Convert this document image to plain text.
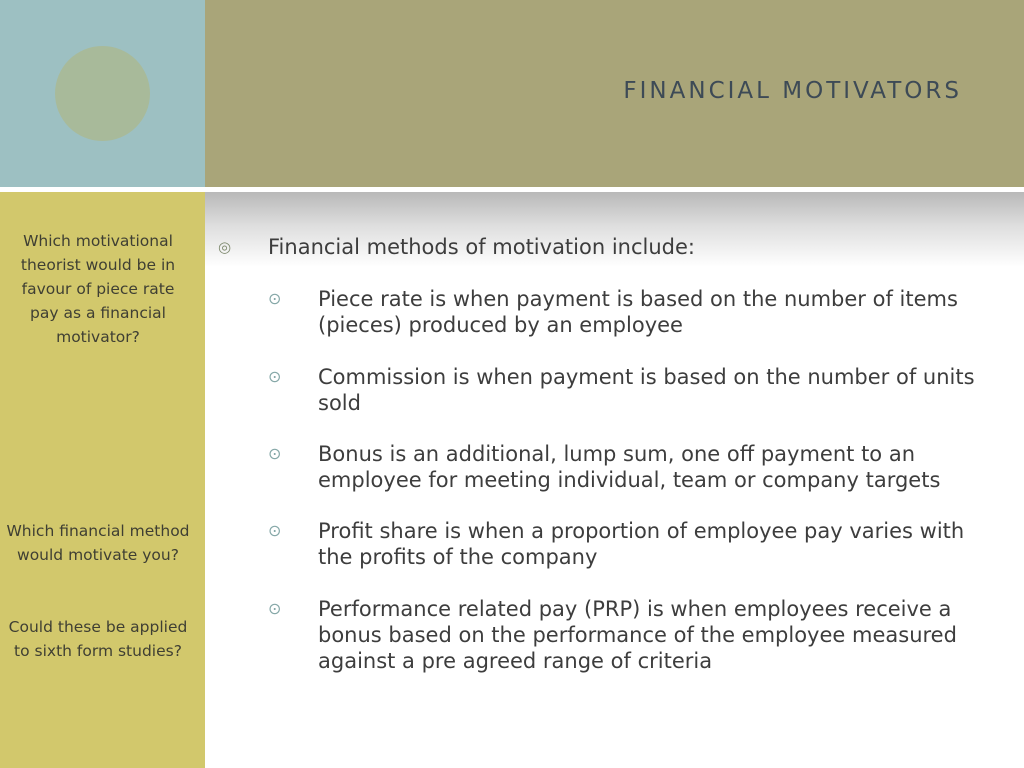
FINANCIAL MOTIVATORS

Which motivational theorist would be in favour of piece rate pay as a financial motivator?

Which financial method would motivate you?

Could these be applied to sixth form studies?

◎ Financial methods of motivation include:

⊙ Piece rate is when payment is based on the number of items (pieces) produced by an employee

⊙ Commission is when payment is based on the number of units sold

⊙ Bonus is an additional, lump sum, one off payment to an employee for meeting individual, team or company targets

⊙ Profit share is when a proportion of employee pay varies with the profits of the company

⊙ Performance related pay (PRP) is when employees receive a bonus based on the performance of the employee measured against a pre agreed range of criteria
